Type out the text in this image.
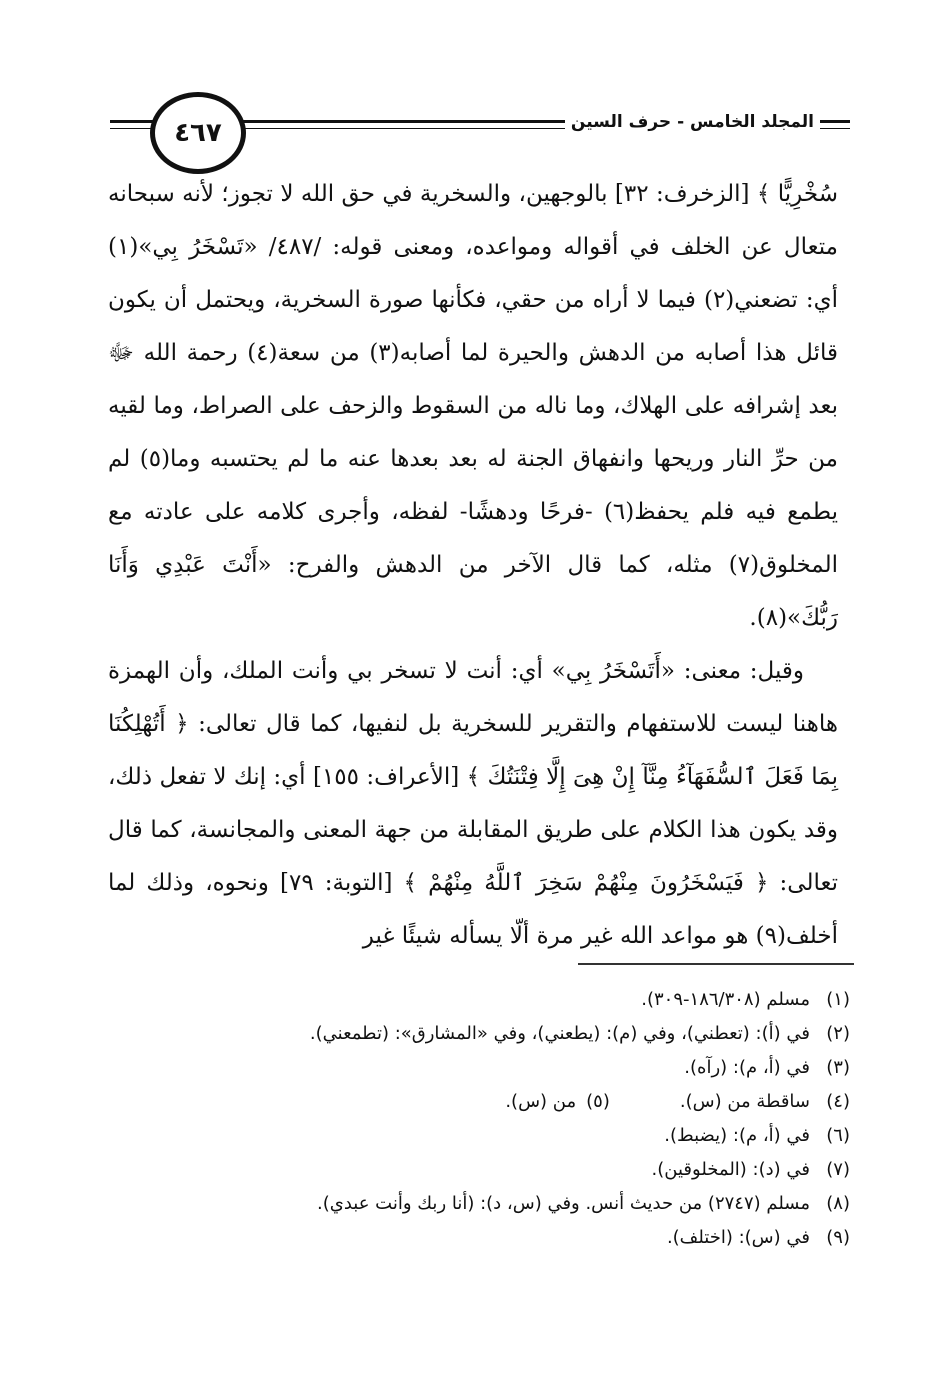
٤٦٧	المجلد الخامس - حرف السين

سُخْرِيًّا ﴾ [الزخرف: ٣٢] بالوجهين، والسخرية في حق الله لا تجوز؛ لأنه سبحانه متعال عن الخلف في أقواله ومواعده، ومعنى قوله: /٤٨٧/ «تَسْخَرُ بِي»(١) أي: تضعني(٢) فيما لا أراه من حقي، فكأنها صورة السخرية، ويحتمل أن يكون قائل هذا أصابه من الدهش والحيرة لما أصابه(٣) من سعة(٤) رحمة الله ﷻ بعد إشرافه على الهلاك، وما ناله من السقوط والزحف على الصراط، وما لقيه من حرِّ النار وريحها وانفهاق الجنة له بعد بعدها عنه ما لم يحتسبه وما(٥) لم يطمع فيه فلم يحفظ(٦) -فرحًا ودهشًا- لفظه، وأجرى كلامه على عادته مع المخلوق(٧) مثله، كما قال الآخر من الدهش والفرح: «أَنْتَ عَبْدِي وَأَنَا رَبُّكَ»(٨).

وقيل: معنى: «أَتَسْخَرُ بِي» أي: أنت لا تسخر بي وأنت الملك، وأن الهمزة هاهنا ليست للاستفهام والتقرير للسخرية بل لنفيها، كما قال تعالى: ﴿ أَتُهْلِكُنَا بِمَا فَعَلَ ٱلسُّفَهَآءُ مِنَّآ إِنْ هِىَ إِلَّا فِتْنَتُكَ ﴾ [الأعراف: ١٥٥] أي: إنك لا تفعل ذلك، وقد يكون هذا الكلام على طريق المقابلة من جهة المعنى والمجانسة، كما قال تعالى: ﴿ فَيَسْخَرُونَ مِنْهُمْ سَخِرَ ٱللَّهُ مِنْهُمْ ﴾ [التوبة: ٧٩] ونحوه، وذلك لما أخلف(٩) هو مواعد الله غير مرة ألّا يسأله شيئًا غير

(١)
مسلم (١٨٦/٣٠٨-٣٠٩).
(٢)
في (أ): (تعطني)، وفي (م): (يطعني)، وفي «المشارق»: (تطمعني).
(٣)
في (أ، م): (رآه).
(٤)
ساقطة من (س).
(٥)
من (س).
(٦)
في (أ، م): (يضبط).
(٧)
في (د): (المخلوقين).
(٨)
مسلم (٢٧٤٧) من حديث أنس. وفي (س، د): (أنا ربك وأنت عبدي).
(٩)
في (س): (اختلف).
